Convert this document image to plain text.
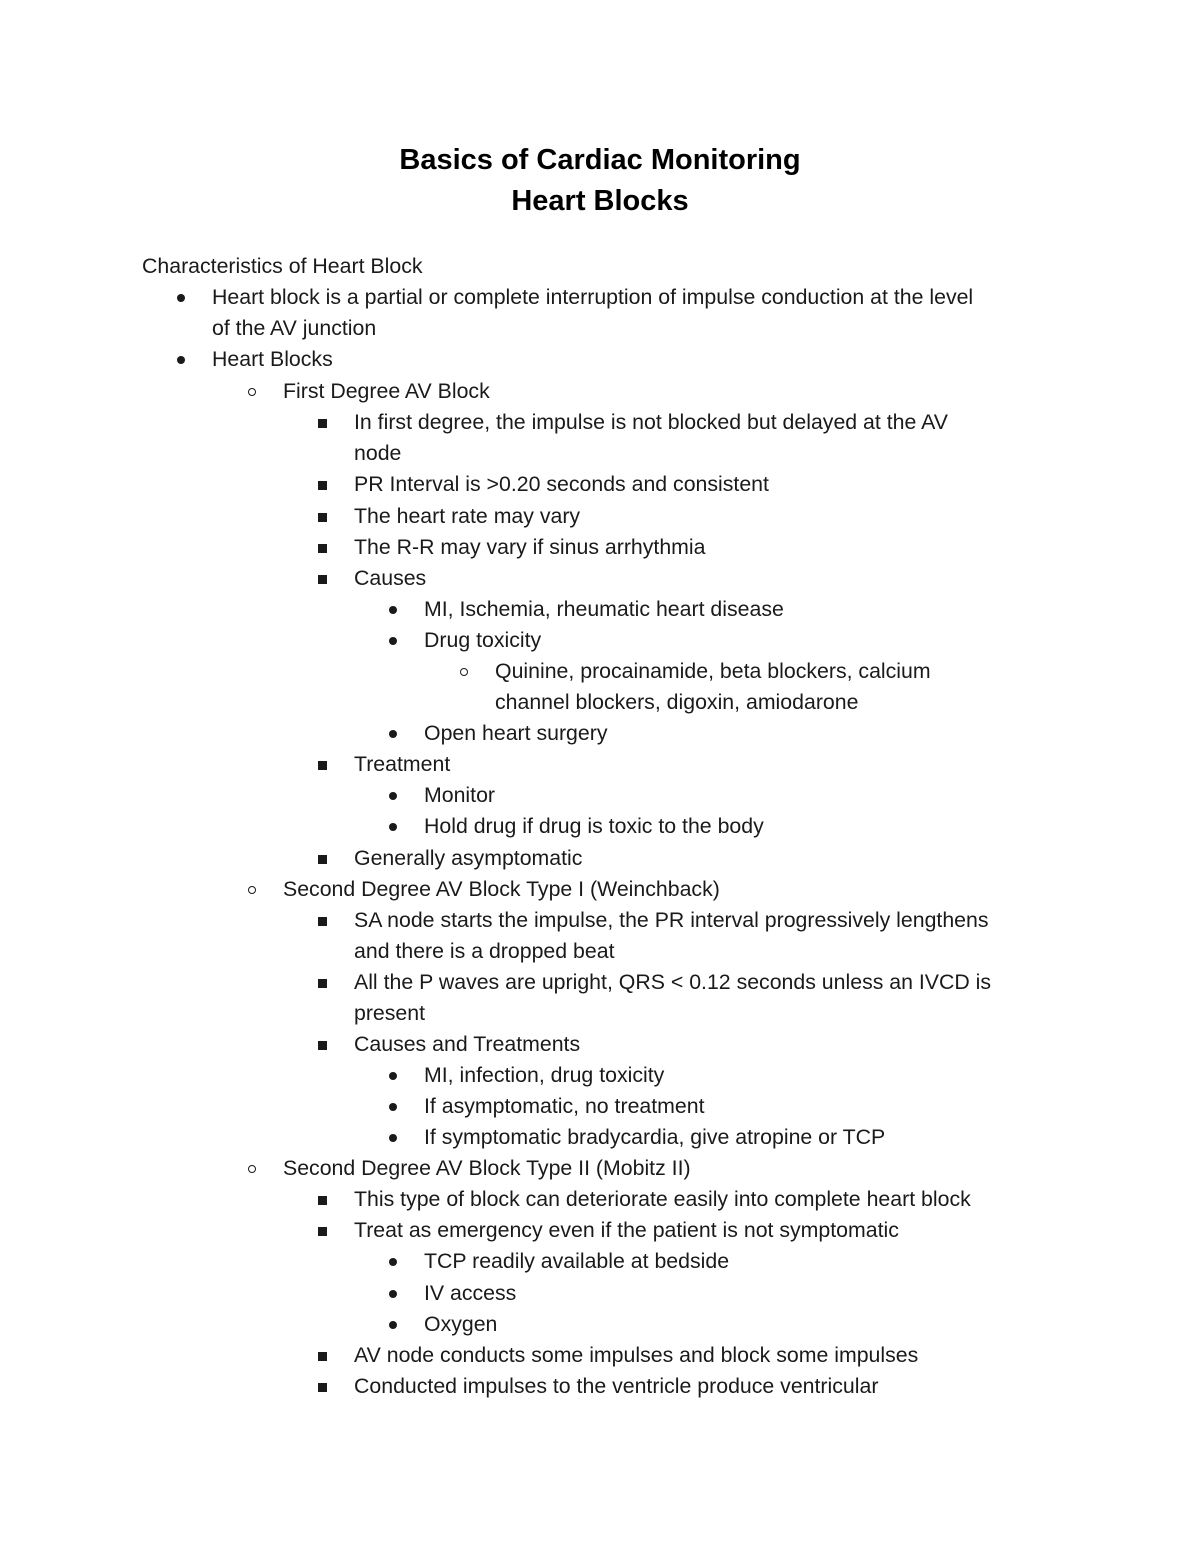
Basics of Cardiac Monitoring
Heart Blocks
Characteristics of Heart Block
Heart block is a partial or complete interruption of impulse conduction at the level
of the AV junction
Heart Blocks
First Degree AV Block
In first degree, the impulse is not blocked but delayed at the AV
node
PR Interval is >0.20 seconds and consistent
The heart rate may vary
The R-R may vary if sinus arrhythmia
Causes
MI, Ischemia, rheumatic heart disease
Drug toxicity
Quinine, procainamide, beta blockers, calcium
channel blockers, digoxin, amiodarone
Open heart surgery
Treatment
Monitor
Hold drug if drug is toxic to the body
Generally asymptomatic
Second Degree AV Block Type I (Weinchback)
SA node starts the impulse, the PR interval progressively lengthens
and there is a dropped beat
All the P waves are upright, QRS < 0.12 seconds unless an IVCD is
present
Causes and Treatments
MI, infection, drug toxicity
If asymptomatic, no treatment
If symptomatic bradycardia, give atropine or TCP
Second Degree AV Block Type II (Mobitz II)
This type of block can deteriorate easily into complete heart block
Treat as emergency even if the patient is not symptomatic
TCP readily available at bedside
IV access
Oxygen
AV node conducts some impulses and block some impulses
Conducted impulses to the ventricle produce ventricular
